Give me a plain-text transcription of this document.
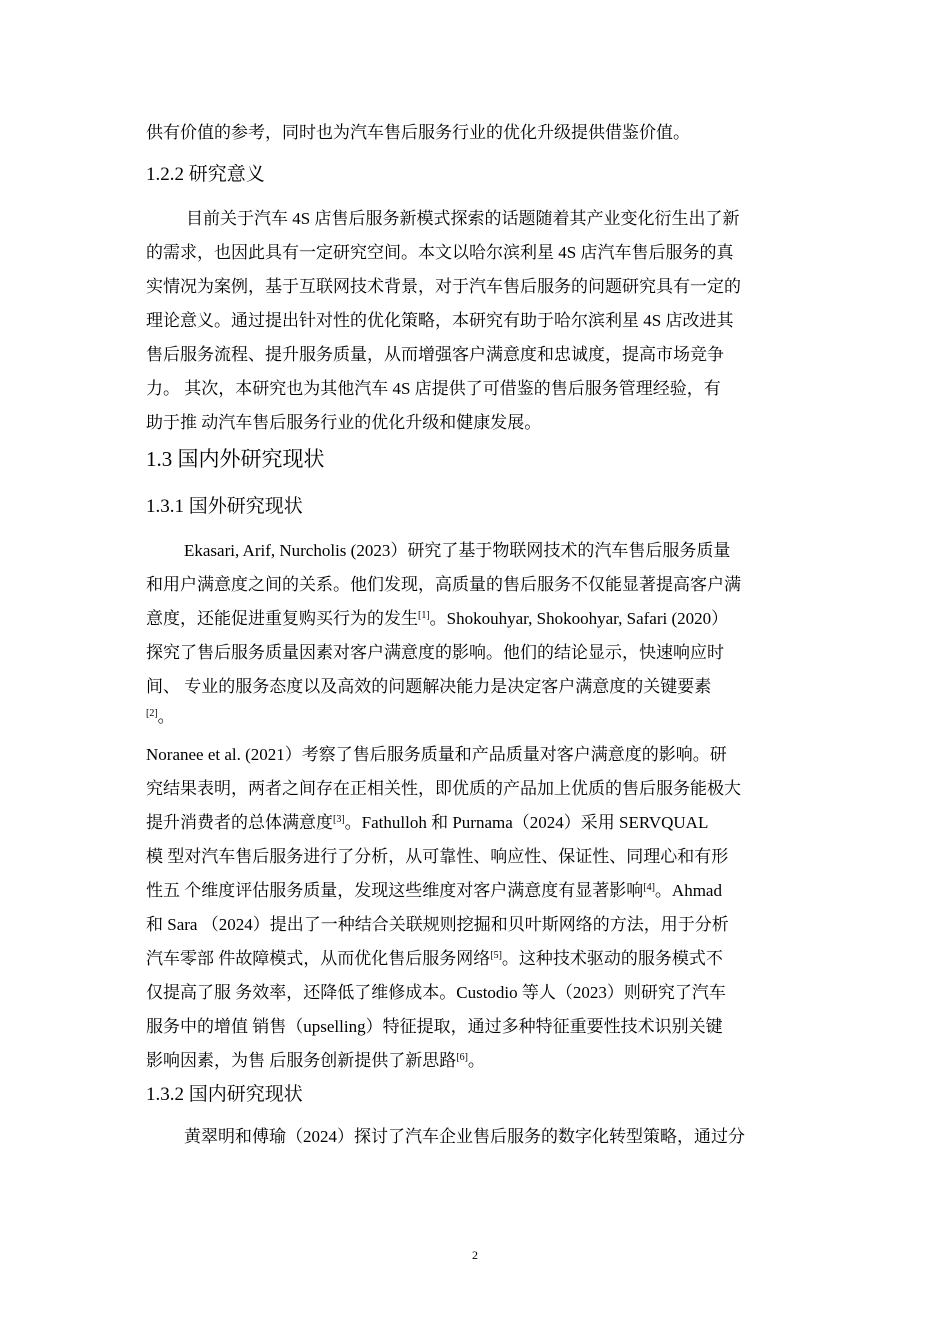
供有价值的参考，同时也为汽车售后服务行业的优化升级提供借鉴价值。
1.2.2 研究意义
目前关于汽车 4S 店售后服务新模式探索的话题随着其产业变化衍生出了新
的需求，也因此具有一定研究空间。本文以哈尔滨利星 4S 店汽车售后服务的真
实情况为案例，基于互联网技术背景，对于汽车售后服务的问题研究具有一定的
理论意义。通过提出针对性的优化策略，本研究有助于哈尔滨利星 4S 店改进其
售后服务流程、提升服务质量，从而增强客户满意度和忠诚度，提高市场竞争
力。 其次，本研究也为其他汽车 4S 店提供了可借鉴的售后服务管理经验，有
助于推 动汽车售后服务行业的优化升级和健康发展。
1.3 国内外研究现状
1.3.1 国外研究现状
Ekasari, Arif, Nurcholis (2023）研究了基于物联网技术的汽车售后服务质量
和用户满意度之间的关系。他们发现，高质量的售后服务不仅能显著提高客户满
意度，还能促进重复购买行为的发生[1]。Shokouhyar, Shokoohyar, Safari (2020）
探究了售后服务质量因素对客户满意度的影响。他们的结论显示，快速响应时
间、 专业的服务态度以及高效的问题解决能力是决定客户满意度的关键要素
[2]。
Noranee et al. (2021）考察了售后服务质量和产品质量对客户满意度的影响。研
究结果表明，两者之间存在正相关性，即优质的产品加上优质的售后服务能极大
提升消费者的总体满意度[3]。Fathulloh 和 Purnama（2024）采用 SERVQUAL
模 型对汽车售后服务进行了分析，从可靠性、响应性、保证性、同理心和有形
性五 个维度评估服务质量，发现这些维度对客户满意度有显著影响[4]。Ahmad
和 Sara （2024）提出了一种结合关联规则挖掘和贝叶斯网络的方法，用于分析
汽车零部 件故障模式，从而优化售后服务网络[5]。这种技术驱动的服务模式不
仅提高了服 务效率，还降低了维修成本。Custodio 等人（2023）则研究了汽车
服务中的增值 销售（upselling）特征提取，通过多种特征重要性技术识别关键
影响因素，为售 后服务创新提供了新思路[6]。
1.3.2 国内研究现状
黄翠明和傅瑜（2024）探讨了汽车企业售后服务的数字化转型策略，通过分
2
